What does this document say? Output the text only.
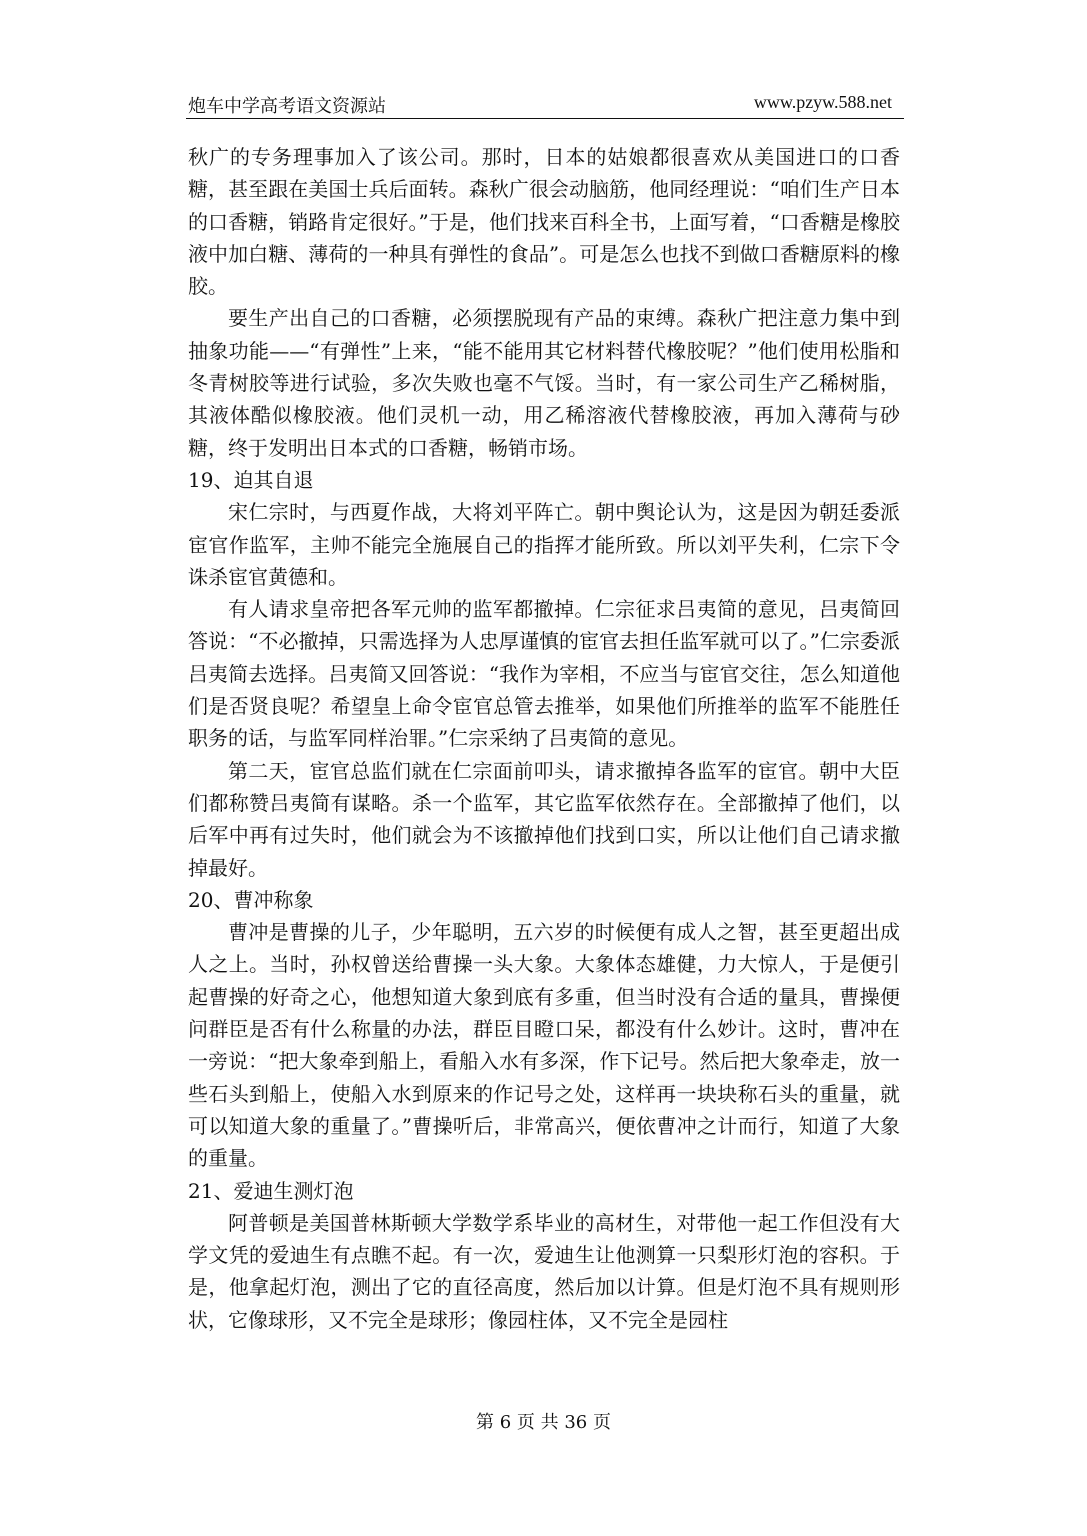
炮车中学高考语文资源站	www.pzyw.588.net

秋广的专务理事加入了该公司。那时，日本的姑娘都很喜欢从美国进口的口香糖，甚至跟在美国士兵后面转。森秋广很会动脑筋，他同经理说：“咱们生产日本的口香糖，销路肯定很好。”于是，他们找来百科全书，上面写着，“口香糖是橡胶液中加白糖、薄荷的一种具有弹性的食品”。可是怎么也找不到做口香糖原料的橡胶。

要生产出自己的口香糖，必须摆脱现有产品的束缚。森秋广把注意力集中到抽象功能——“有弹性”上来，“能不能用其它材料替代橡胶呢？”他们使用松脂和冬青树胶等进行试验，多次失败也毫不气馁。当时，有一家公司生产乙稀树脂，其液体酷似橡胶液。他们灵机一动，用乙稀溶液代替橡胶液，再加入薄荷与砂糖，终于发明出日本式的口香糖，畅销市场。

19、迫其自退

宋仁宗时，与西夏作战，大将刘平阵亡。朝中舆论认为，这是因为朝廷委派宦官作监军，主帅不能完全施展自己的指挥才能所致。所以刘平失利，仁宗下令诛杀宦官黄德和。

有人请求皇帝把各军元帅的监军都撤掉。仁宗征求吕夷简的意见，吕夷简回答说：“不必撤掉，只需选择为人忠厚谨慎的宦官去担任监军就可以了。”仁宗委派吕夷简去选择。吕夷简又回答说：“我作为宰相，不应当与宦官交往，怎么知道他们是否贤良呢？希望皇上命令宦官总管去推举，如果他们所推举的监军不能胜任职务的话，与监军同样治罪。”仁宗采纳了吕夷简的意见。

第二天，宦官总监们就在仁宗面前叩头，请求撤掉各监军的宦官。朝中大臣们都称赞吕夷简有谋略。杀一个监军，其它监军依然存在。全部撤掉了他们，以后军中再有过失时，他们就会为不该撤掉他们找到口实，所以让他们自己请求撤掉最好。

20、曹冲称象

曹冲是曹操的儿子，少年聪明，五六岁的时候便有成人之智，甚至更超出成人之上。当时，孙权曾送给曹操一头大象。大象体态雄健，力大惊人，于是便引起曹操的好奇之心，他想知道大象到底有多重，但当时没有合适的量具，曹操便问群臣是否有什么称量的办法，群臣目瞪口呆，都没有什么妙计。这时，曹冲在一旁说：“把大象牵到船上，看船入水有多深，作下记号。然后把大象牵走，放一些石头到船上，使船入水到原来的作记号之处，这样再一块块称石头的重量，就可以知道大象的重量了。”曹操听后，非常高兴，便依曹冲之计而行，知道了大象的重量。

21、爱迪生测灯泡

阿普顿是美国普林斯顿大学数学系毕业的高材生，对带他一起工作但没有大学文凭的爱迪生有点瞧不起。有一次，爱迪生让他测算一只梨形灯泡的容积。于是，他拿起灯泡，测出了它的直径高度，然后加以计算。但是灯泡不具有规则形状，它像球形，又不完全是球形；像园柱体，又不完全是园柱

第 6 页 共 36 页
